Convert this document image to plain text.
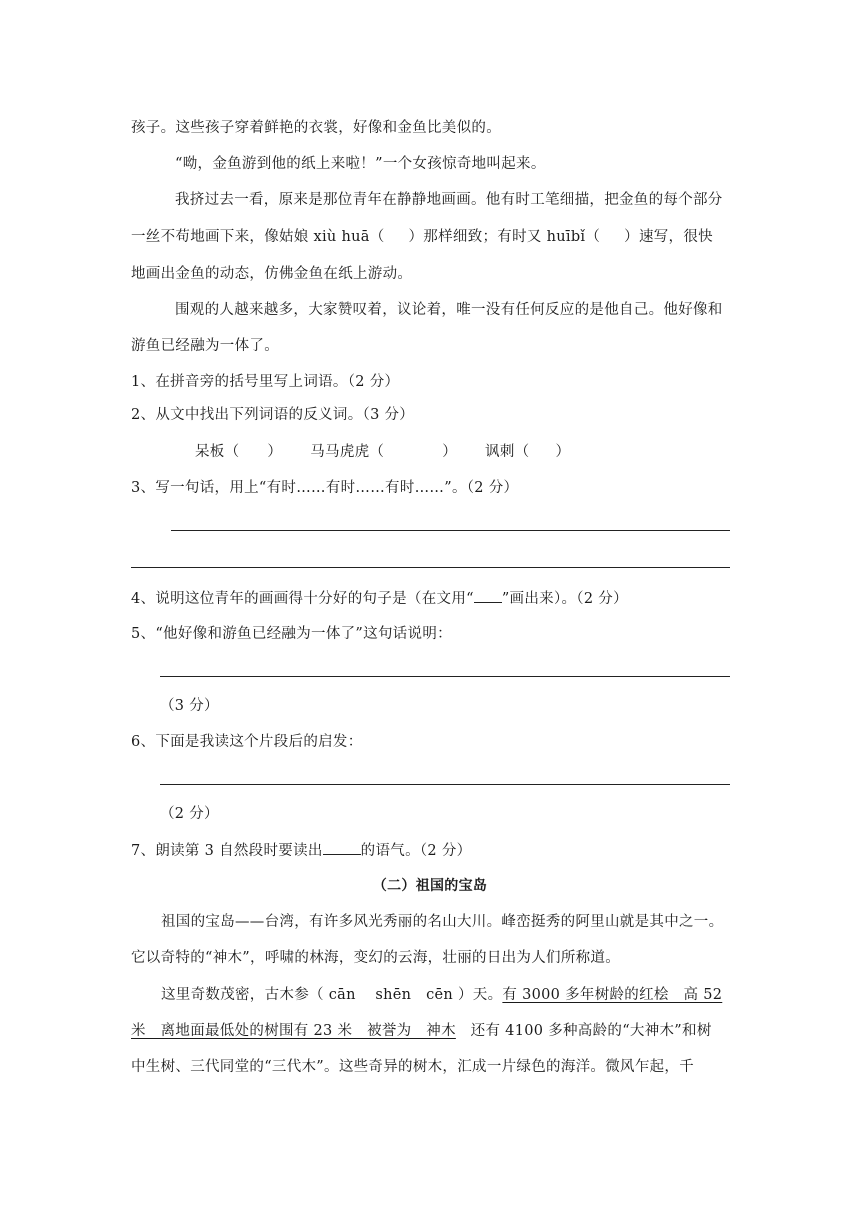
孩子。这些孩子穿着鲜艳的衣裳，好像和金鱼比美似的。
“呦，金鱼游到他的纸上来啦！”一个女孩惊奇地叫起来。
我挤过去一看，原来是那位青年在静静地画画。他有时工笔细描，把金鱼的每个部分
一丝不苟地画下来，像姑娘 xiù huā（ ）那样细致；有时又 huībǐ（ ）速写，很快
地画出金鱼的动态，仿佛金鱼在纸上游动。
围观的人越来越多，大家赞叹着，议论着，唯一没有任何反应的是他自己。他好像和
游鱼已经融为一体了。
1、在拼音旁的括号里写上词语。（2 分）
2、从文中找出下列词语的反义词。（3 分）
呆板（ ） 马马虎虎（	） 讽刺（ ）
3、写一句话，用上“有时……有时……有时……”。（2 分）
4、说明这位青年的画画得十分好的句子是（在文用“ ”画出来）。（2 分）
5、“他好像和游鱼已经融为一体了”这句话说明：
（3 分）
6、下面是我读这个片段后的启发：
（2 分）
7、朗读第 3 自然段时要读出	的语气。（2 分）
（二）祖国的宝岛
祖国的宝岛——台湾，有许多风光秀丽的名山大川。峰峦挺秀的阿里山就是其中之一。
它以奇特的“神木”，呼啸的林海，变幻的云海，壮丽的日出为人们所称道。
这里奇数茂密，古木参（ cān　 shēn　cēn ）天。有 3000 多年树龄的红桧　高 52
米　离地面最低处的树围有 23 米　被誉为　神木　还有 4100 多种高龄的“大神木”和树
中生树、三代同堂的“三代木”。这些奇异的树木，汇成一片绿色的海洋。微风乍起，千
